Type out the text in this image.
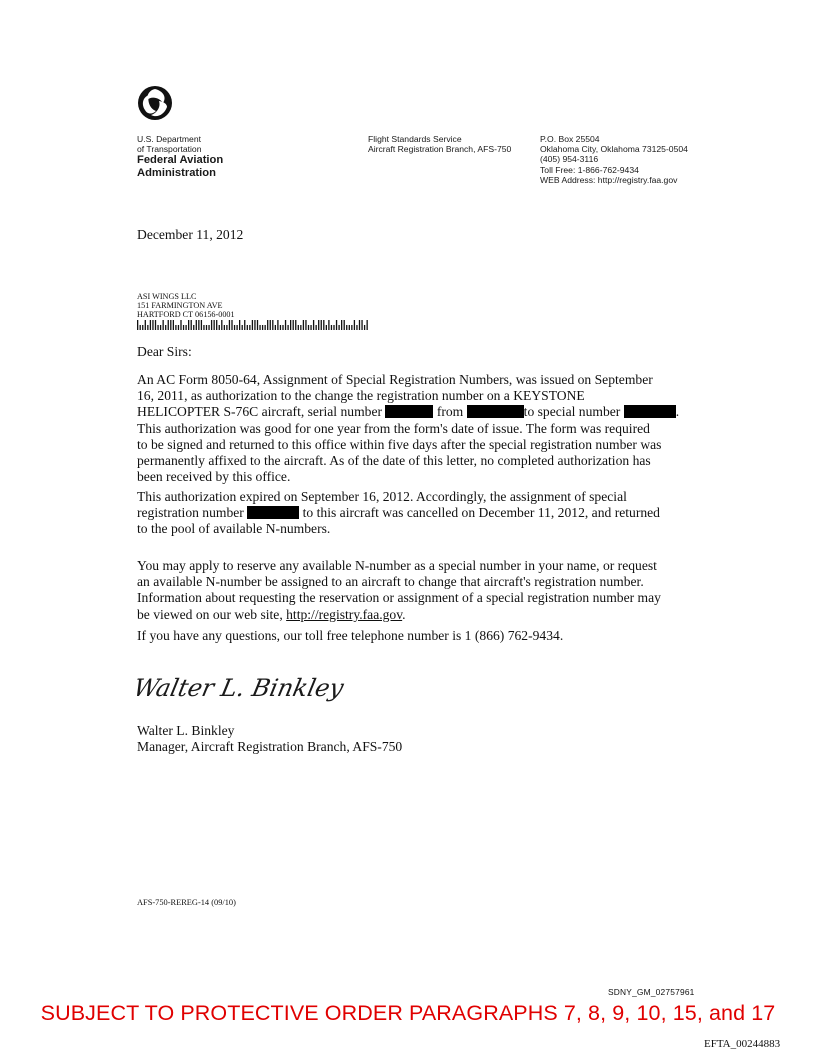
U.S. Department
of Transportation
Federal Aviation
Administration
Flight Standards Service
Aircraft Registration Branch, AFS-750
P.O. Box 25504
Oklahoma City, Oklahoma 73125-0504
(405) 954-3116
Toll Free: 1-866-762-9434
WEB Address: http://registry.faa.gov
December 11, 2012
ASI WINGS LLC
151 FARMINGTON AVE
HARTFORD CT 06156-0001
Dear Sirs:

An AC Form 8050-64, Assignment of Special Registration Numbers, was issued on September

16, 2011, as authorization to the change the registration number on a KEYSTONE

HELICOPTER S-76C aircraft, serial number	from	to special number	.

This authorization was good for one year from the form's date of issue. The form was required

to be signed and returned to this office within five days after the special registration number was

permanently affixed to the aircraft. As of the date of this letter, no completed authorization has

been received by this office.

This authorization expired on September 16, 2012. Accordingly, the assignment of special

registration number	to this aircraft was cancelled on December 11, 2012, and returned

to the pool of available N-numbers.

You may apply to reserve any available N-number as a special number in your name, or request

an available N-number be assigned to an aircraft to change that aircraft's registration number.

Information about requesting the reservation or assignment of a special registration number may

be viewed on our web site, http://registry.faa.gov.

If you have any questions, our toll free telephone number is 1 (866) 762-9434.

Walter L. Binkley
Walter L. Binkley
Manager, Aircraft Registration Branch, AFS-750
AFS-750-REREG-14 (09/10)
SDNY_GM_02757961
SUBJECT TO PROTECTIVE ORDER PARAGRAPHS 7, 8, 9, 10, 15, and 17
EFTA_00244883
